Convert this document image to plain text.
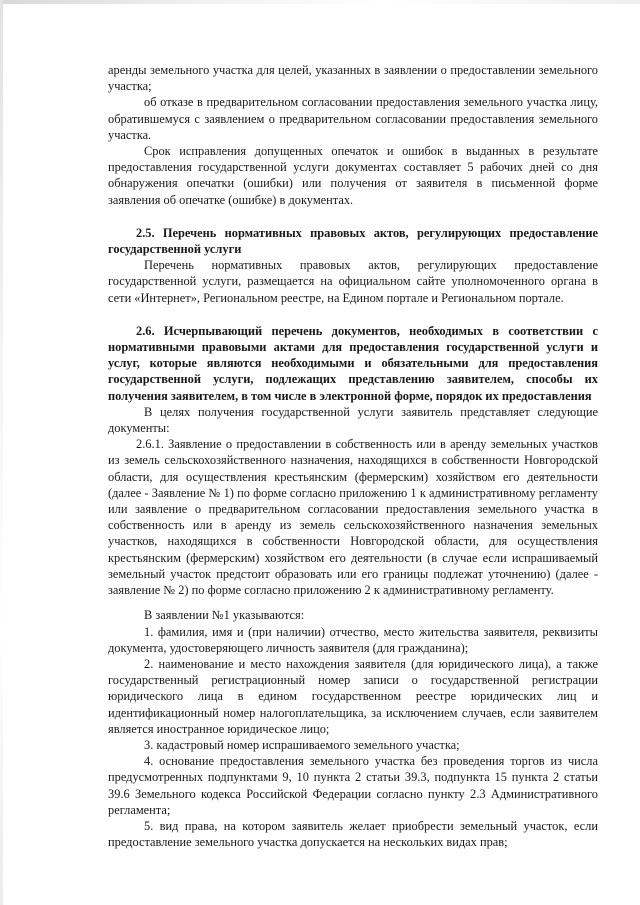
аренды земельного участка для целей, указанных в заявлении о предоставлении земельного участка;

об отказе в предварительном согласовании предоставления земельного участка лицу, обратившемуся с заявлением о предварительном согласовании предоставления земельного участка.

Срок исправления допущенных опечаток и ошибок в выданных в результате предоставления государственной услуги документах составляет 5 рабочих дней со дня обнаружения опечатки (ошибки) или получения от заявителя в письменной форме заявления об опечатке (ошибке) в документах.

2.5. Перечень нормативных правовых актов, регулирующих предоставление государственной услуги

Перечень нормативных правовых актов, регулирующих предоставление государственной услуги, размещается на официальном сайте уполномоченного органа в сети «Интернет», Региональном реестре, на Едином портале и Региональном портале.

2.6. Исчерпывающий перечень документов, необходимых в соответствии с нормативными правовыми актами для предоставления государственной услуги и услуг, которые являются необходимыми и обязательными для предоставления государственной услуги, подлежащих представлению заявителем, способы их получения заявителем, в том числе в электронной форме, порядок их предоставления

В целях получения государственной услуги заявитель представляет следующие документы:

2.6.1. Заявление о предоставлении в собственность или в аренду земельных участков из земель сельскохозяйственного назначения, находящихся в собственности Новгородской области, для осуществления крестьянским (фермерским) хозяйством его деятельности (далее - Заявление № 1) по форме согласно приложению 1 к административному регламенту или заявление о предварительном согласовании предоставления земельного участка в собственность или в аренду из земель сельскохозяйственного назначения земельных участков, находящихся в собственности Новгородской области, для осуществления крестьянским (фермерским) хозяйством его деятельности (в случае если испрашиваемый земельный участок предстоит образовать или его границы подлежат уточнению) (далее - заявление № 2) по форме согласно приложению 2 к административному регламенту.

В заявлении №1 указываются:

1. фамилия, имя и (при наличии) отчество, место жительства заявителя, реквизиты документа, удостоверяющего личность заявителя (для гражданина);

2. наименование и место нахождения заявителя (для юридического лица), а также государственный регистрационный номер записи о государственной регистрации юридического лица в едином государственном реестре юридических лиц и идентификационный номер налогоплательщика, за исключением случаев, если заявителем является иностранное юридическое лицо;

3. кадастровый номер испрашиваемого земельного участка;

4. основание предоставления земельного участка без проведения торгов из числа предусмотренных подпунктами 9, 10 пункта 2 статьи 39.3, подпункта 15 пункта 2 статьи 39.6 Земельного кодекса Российской Федерации согласно пункту 2.3 Административного регламента;

5. вид права, на котором заявитель желает приобрести земельный участок, если предоставление земельного участка допускается на нескольких видах прав;
